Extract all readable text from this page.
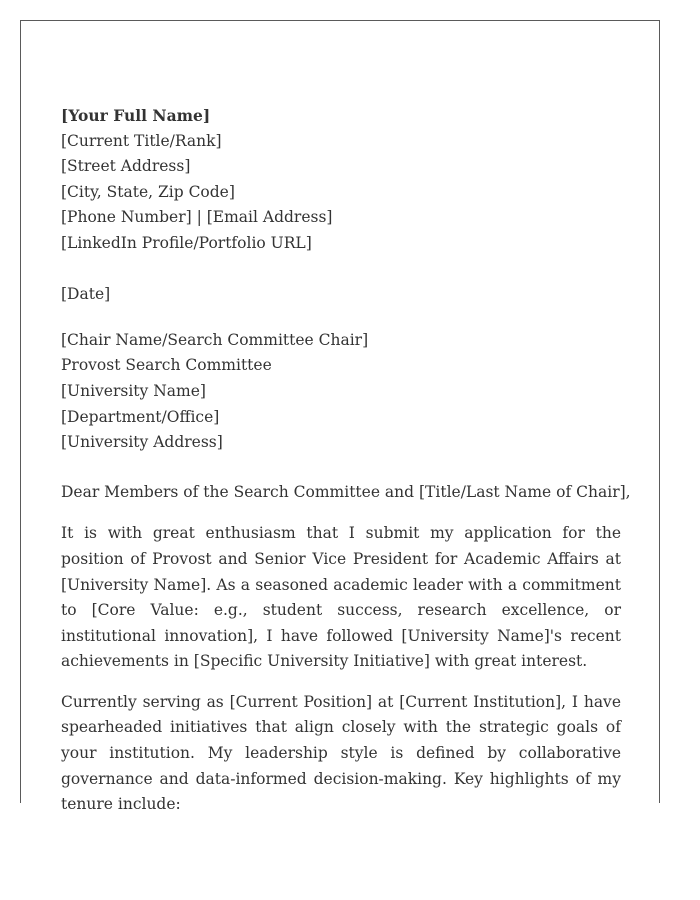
[Your Full Name]
[Current Title/Rank]
[Street Address]
[City, State, Zip Code]
[Phone Number] | [Email Address]
[LinkedIn Profile/Portfolio URL]
[Date]
[Chair Name/Search Committee Chair]
Provost Search Committee
[University Name]
[Department/Office]
[University Address]
Dear Members of the Search Committee and [Title/Last Name of Chair],

It is with great enthusiasm that I submit my application for the position of Provost and Senior Vice President for Academic Affairs at [University Name]. As a seasoned academic leader with a commitment to [Core Value: e.g., student success, research excellence, or institutional innovation], I have followed [University Name]'s recent achievements in [Specific University Initiative] with great interest.

Currently serving as [Current Position] at [Current Institution], I have spearheaded initiatives that align closely with the strategic goals of your institution. My leadership style is defined by collaborative governance and data-informed decision-making. Key highlights of my tenure include:
